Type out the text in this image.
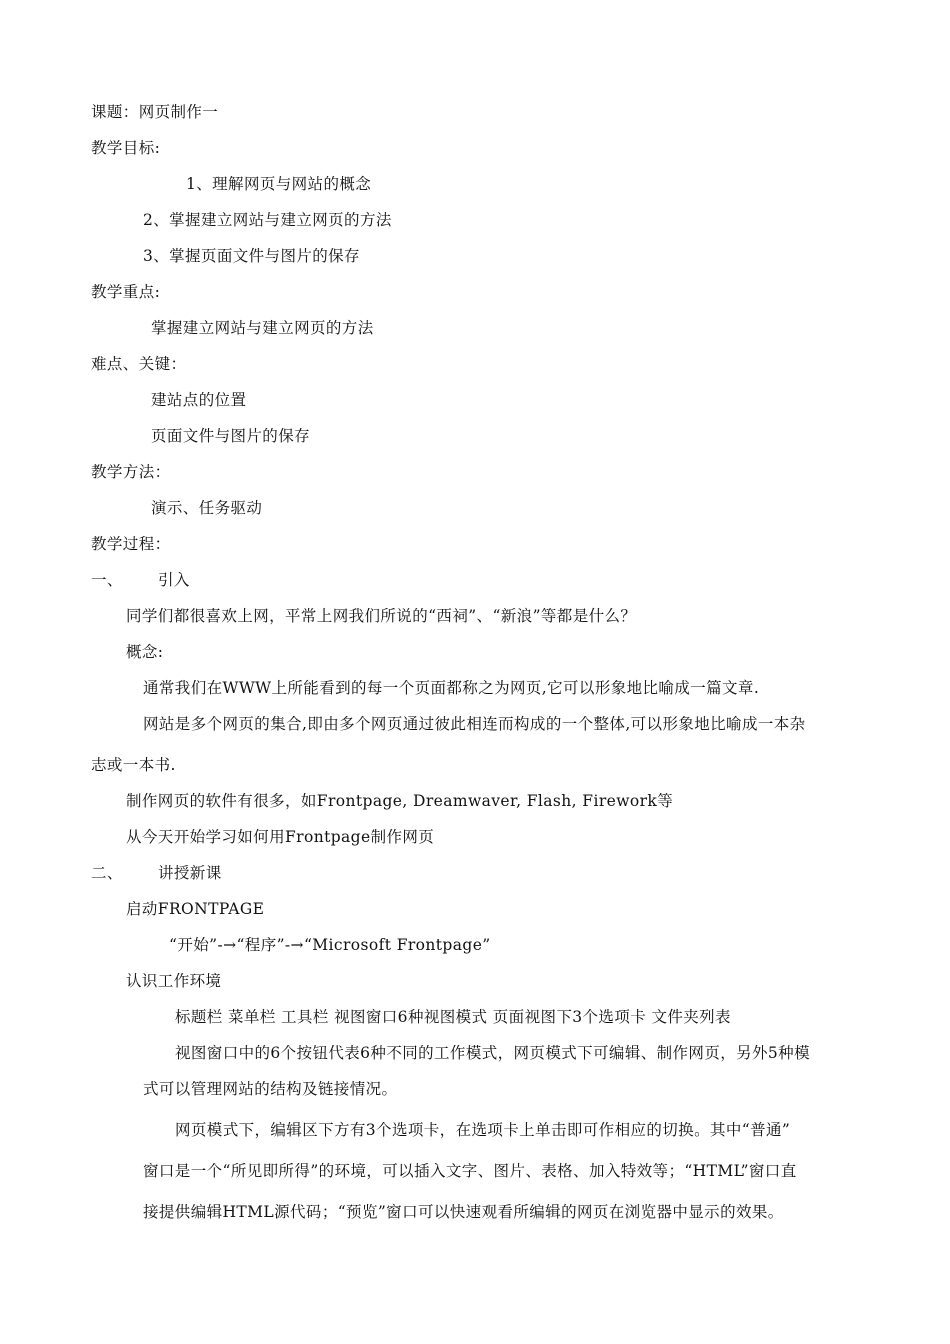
课题：网页制作一
教学目标:
1、理解网页与网站的概念
2、掌握建立网站与建立网页的方法
3、掌握页面文件与图片的保存
教学重点:
掌握建立网站与建立网页的方法
难点、关键：
建站点的位置
页面文件与图片的保存
教学方法：
演示、任务驱动
教学过程：
一、 引入
同学们都很喜欢上网，平常上网我们所说的“西祠”、“新浪”等都是什么？
概念:
通常我们在WWW上所能看到的每一个页面都称之为网页,它可以形象地比喻成一篇文章.
网站是多个网页的集合,即由多个网页通过彼此相连而构成的一个整体,可以形象地比喻成一本杂
志或一本书.
制作网页的软件有很多，如Frontpage, Dreamwaver, Flash, Firework等
从今天开始学习如何用Frontpage制作网页
二、 讲授新课
启动FRONTPAGE
“开始”-→“程序”-→“Microsoft Frontpage”
认识工作环境
标题栏 菜单栏 工具栏 视图窗口6种视图模式 页面视图下3个选项卡 文件夹列表
视图窗口中的6个按钮代表6种不同的工作模式，网页模式下可编辑、制作网页，另外5种模
式可以管理网站的结构及链接情况。
网页模式下，编辑区下方有3个选项卡，在选项卡上单击即可作相应的切换。其中“普通”
窗口是一个“所见即所得”的环境，可以插入文字、图片、表格、加入特效等；“HTML”窗口直
接提供编辑HTML源代码；“预览”窗口可以快速观看所编辑的网页在浏览器中显示的效果。
